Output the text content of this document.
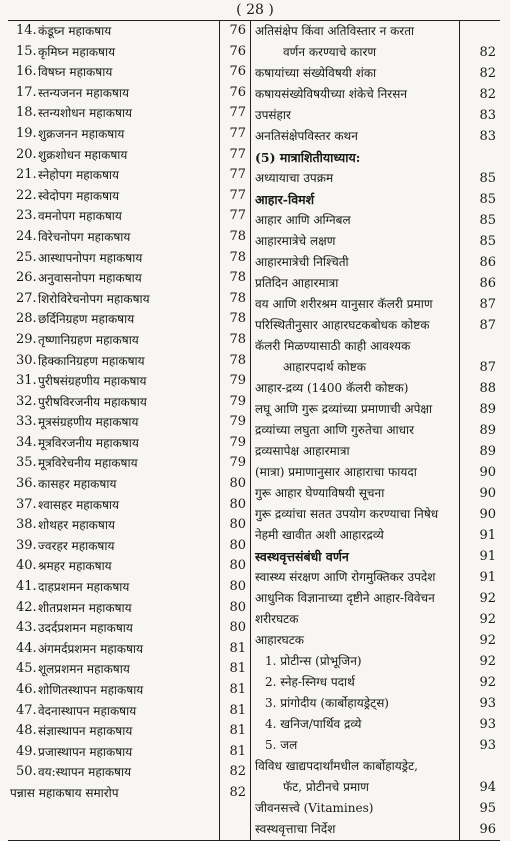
( 28 )
14. कंडूघ्न महाकषाय	76
15. कृमिघ्न महाकषाय	76
16. विषघ्न महाकषाय	76
17. स्तन्यजनन महाकषाय	76
18. स्तन्यशोधन महाकषाय	77
19. शुक्रजनन महाकषाय	77
20. शुक्रशोधन महाकषाय	77
21. स्नेहोपग महाकषाय	77
22. स्वेदोपग महाकषाय	77
23. वमनोपग महाकषाय	77
24. विरेचनोपग महाकषाय	78
25. आस्थापनोपग महाकषाय	78
26. अनुवासनोपग महाकषाय	78
27. शिरोविरेचनोपग महाकषाय	78
28. छर्दिनिग्रहण महाकषाय	78
29. तृष्णानिग्रहण महाकषाय	78
30. हिक्कानिग्रहण महाकषाय	78
31. पुरीषसंग्रहणीय महाकषाय	79
32. पुरीषविरजनीय महाकषाय	79
33. मूत्रसंग्रहणीय महाकषाय	79
34. मूत्रविरजनीय महाकषाय	79
35. मूत्रविरेचनीय महाकषाय	79
36. कासहर महाकषाय	80
37. श्वासहर महाकषाय	80
38. शोथहर महाकषाय	80
39. ज्वरहर महाकषाय	80
40. श्रमहर महाकषाय	80
41. दाहप्रशमन महाकषाय	80
42. शीतप्रशमन महाकषाय	80
43. उदर्दप्रशमन महाकषाय	80
44. अंगमर्दप्रशमन महाकषाय	81
45. शूलप्रशमन महाकषाय	81
46. शोणितस्थापन महाकषाय	81
47. वेदनास्थापन महाकषाय	81
48. संज्ञास्थापन महाकषाय	81
49. प्रजास्थापन महाकषाय	81
50. वय:स्थापन महाकषाय	82
पन्नास महाकषाय समारोप	82
अतिसंक्षेप किंवा अतिविस्तार न करता
वर्णन करण्याचे कारण	82
कषायांच्या संख्येविषयी शंका	82
कषायसंख्येविषयीच्या शंकेचे निरसन	82
उपसंहार	83
अनतिसंक्षेपविस्तर कथन	83
(5) मात्राशितीयाध्याय:
अध्यायाचा उपक्रम	85
आहार-विमर्श	85
आहार आणि अग्निबल	85
आहारमात्रेचे लक्षण	85
आहारमात्रेची निश्चिती	86
प्रतिदिन आहारमात्रा	86
वय आणि शरीरश्रम यानुसार कॅलरी प्रमाण	87
परिस्थितीनुसार आहारघटकबोधक कोष्टक	87
कॅलरी मिळण्यासाठी काही आवश्यक
आहारपदार्थ कोष्टक	87
आहार-द्रव्य (1400 कॅलरी कोष्टक)	88
लघू आणि गुरू द्रव्यांच्या प्रमाणाची अपेक्षा	89
द्रव्यांच्या लघुता आणि गुरुतेचा आधार	89
द्रव्यसापेक्ष आहारमात्रा	89
(मात्रा) प्रमाणानुसार आहाराचा फायदा	90
गुरू आहार घेण्याविषयी सूचना	90
गुरू द्रव्यांचा सतत उपयोग करण्याचा निषेध	90
नेहमी खावीत अशी आहारद्रव्ये	91
स्वस्थवृत्तसंबंधी वर्णन	91
स्वास्थ्य संरक्षण आणि रोगमुक्तिकर उपदेश	91
आधुनिक विज्ञानाच्या दृष्टीने आहार-विवेचन	92
शरीरघटक	92
आहारघटक	92
1. प्रोटीन्स (प्रोभूजिन)	92
2. स्नेह-स्निग्ध पदार्थ	92
3. प्रांगोदीय (कार्बोहायड्रेट्स)	93
4. खनिज/पार्थिव द्रव्ये	93
5. जल	93
विविध खाद्यपदार्थांमधील कार्बोहायड्रेट,
फॅट, प्रोटीनचे प्रमाण	94
जीवनसत्त्वे (Vitamines)	95
स्वस्थवृत्ताचा निर्देश	96
